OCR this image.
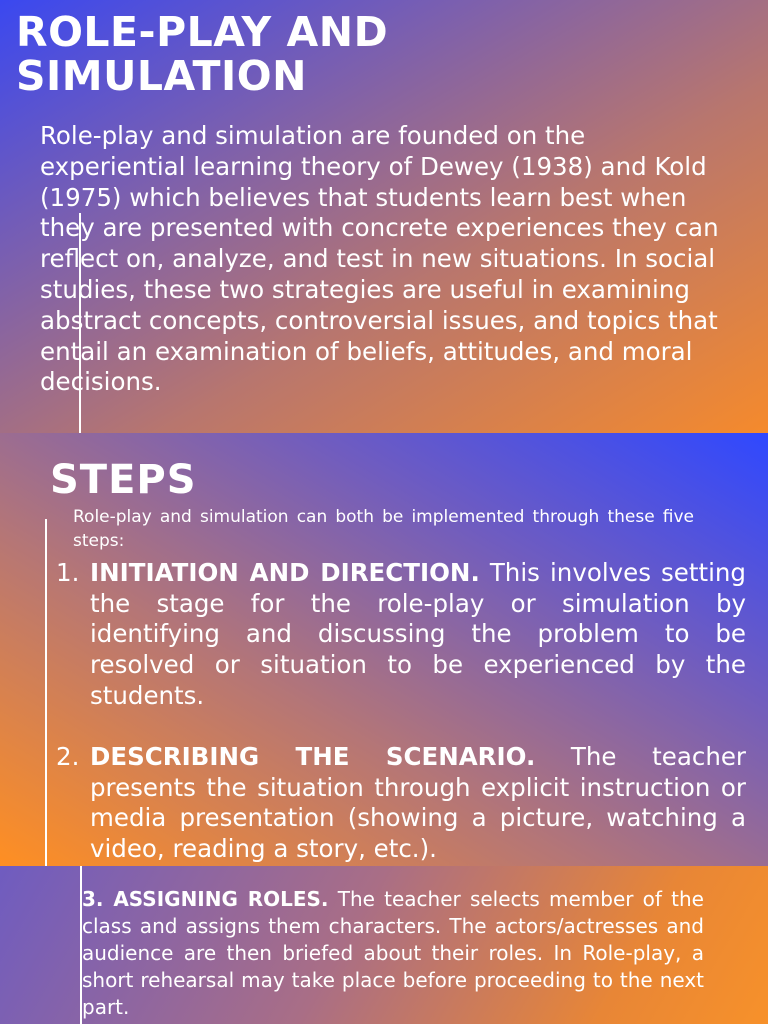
ROLE-PLAY AND
SIMULATION

Role-play and simulation are founded on the experiential learning theory of Dewey (1938) and Kold (1975) which believes that students learn best when they are presented with concrete experiences they can reflect on, analyze, and test in new situations. In social studies, these two strategies are useful in examining abstract concepts, controversial issues, and topics that entail an examination of beliefs, attitudes, and moral decisions.

STEPS

Role-play and simulation can both be implemented through these five steps:

1. INITIATION AND DIRECTION. This involves setting the stage for the role-play or simulation by identifying and discussing the problem to be resolved or situation to be experienced by the students.
2. DESCRIBING THE SCENARIO. The teacher presents the situation through explicit instruction or media presentation (showing a picture, watching a video, reading a story, etc.).

3. ASSIGNING ROLES. The teacher selects member of the class and assigns them characters. The actors/actresses and audience are then briefed about their roles. In Role-play, a short rehearsal may take place before proceeding to the next part.
